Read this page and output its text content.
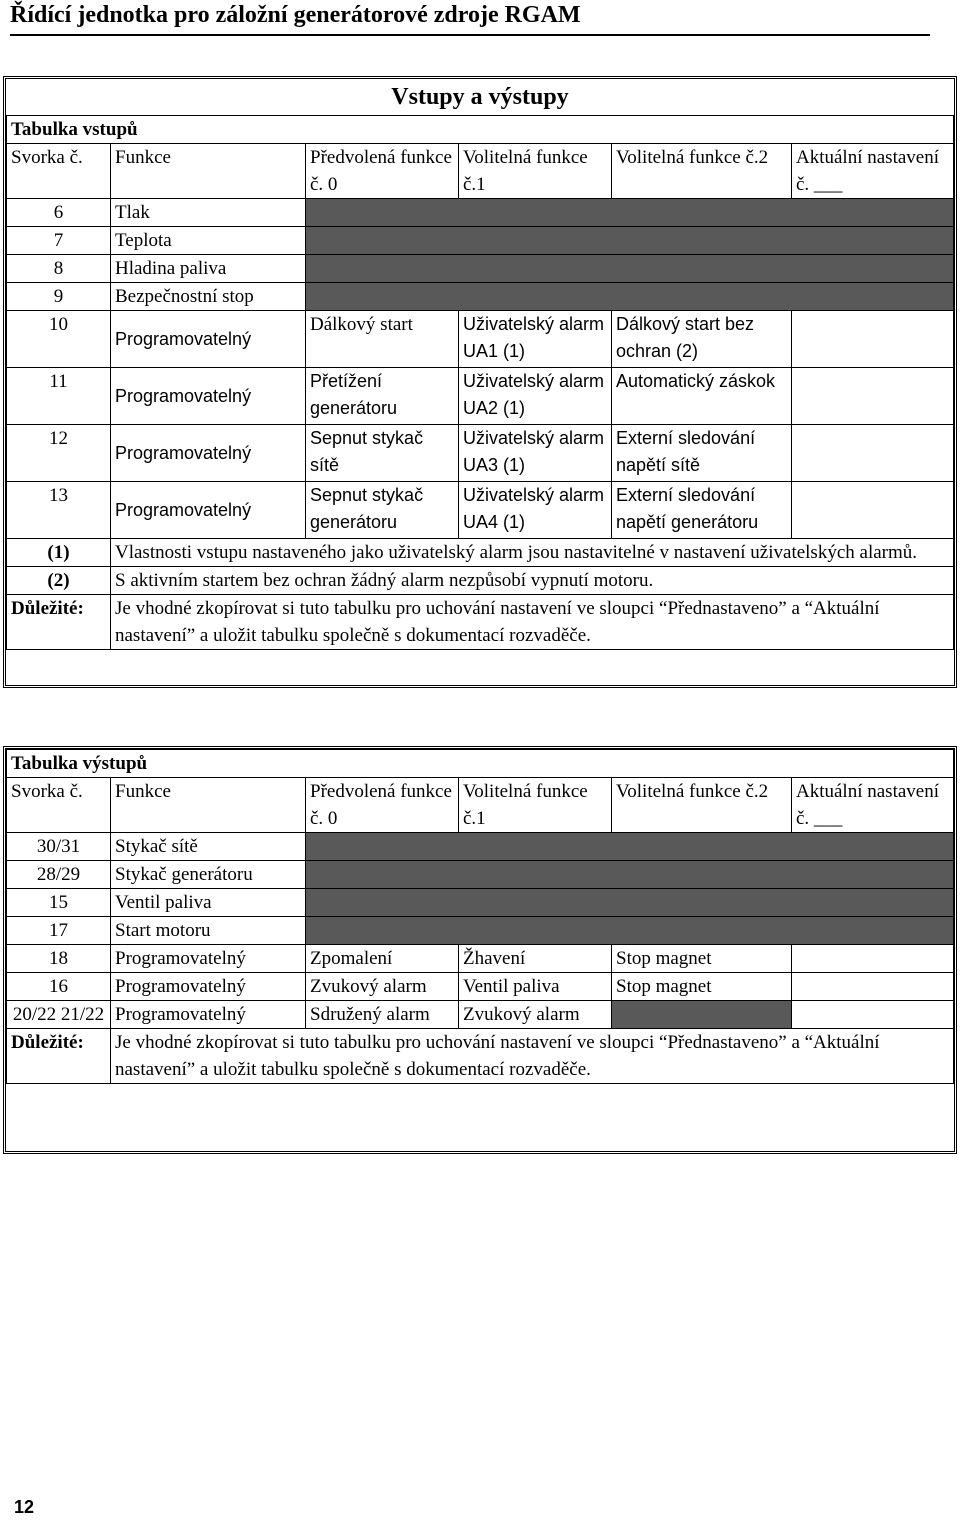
Řídící jednotka pro záložní generátorové zdroje RGAM
Vstupy a výstupy					
Tabulka vstupů					
Svorka č.	Funkce	Předvolená funkce č. 0	Volitelná funkce č.1	Volitelná funkce č.2	Aktuální nastavení č. ___
6	Tlak				
7	Teplota				
8	Hladina paliva				
9	Bezpečnostní stop				
10	Programovatelný	Dálkový start	Uživatelský alarm UA1 (1)	Dálkový start bez ochran (2)	
11	Programovatelný	Přetížení generátoru	Uživatelský alarm UA2 (1)	Automatický záskok	
12	Programovatelný	Sepnut stykač sítě	Uživatelský alarm UA3 (1)	Externí sledování napětí sítě	
13	Programovatelný	Sepnut stykač generátoru	Uživatelský alarm UA4 (1)	Externí sledování napětí generátoru	
(1)	Vlastnosti vstupu nastaveného jako uživatelský alarm jsou nastavitelné v nastavení uživatelských alarmů.				
(2)	S aktivním startem bez ochran žádný alarm nezpůsobí vypnutí motoru.				
Důležité:	Je vhodné zkopírovat si tuto tabulku pro uchování nastavení ve sloupci “Přednastaveno” a “Aktuální nastavení” a uložit tabulku společně s dokumentací rozvaděče.				
Tabulka výstupů					
Svorka č.	Funkce	Předvolená funkce č. 0	Volitelná funkce č.1	Volitelná funkce č.2	Aktuální nastavení č. ___
30/31	Stykač sítě				
28/29	Stykač generátoru				
15	Ventil paliva				
17	Start motoru				
18	Programovatelný	Zpomalení	Žhavení	Stop magnet	
16	Programovatelný	Zvukový alarm	Ventil paliva	Stop magnet	
20/22 21/22	Programovatelný	Sdružený alarm	Zvukový alarm		
Důležité:	Je vhodné zkopírovat si tuto tabulku pro uchování nastavení ve sloupci “Přednastaveno” a “Aktuální nastavení” a uložit tabulku společně s dokumentací rozvaděče.				
12
